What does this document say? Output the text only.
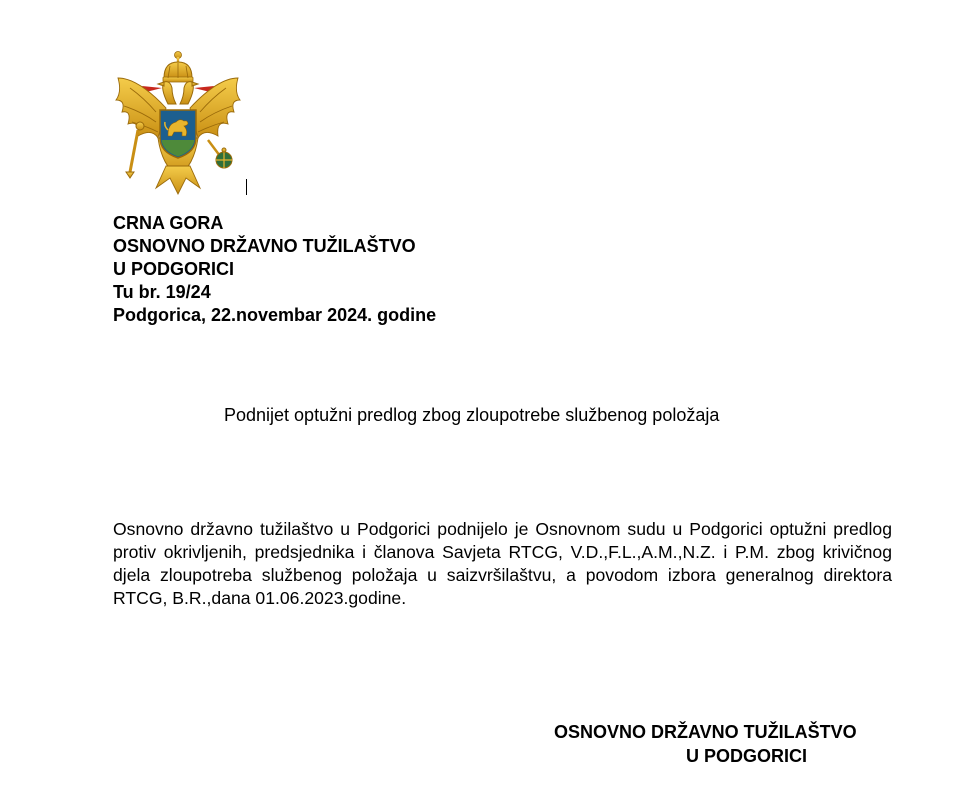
CRNA GORA
OSNOVNO DRŽAVNO TUŽILAŠTVO
U PODGORICI
Tu br. 19/24
Podgorica, 22.novembar 2024. godine
Podnijet optužni predlog zbog zloupotrebe službenog položaja
Osnovno državno tužilaštvo u Podgorici podnijelo je Osnovnom sudu u Podgorici optužni predlog protiv okrivljenih, predsjednika i članova Savjeta RTCG, V.D.,F.L.,A.M.,N.Z. i P.M. zbog krivičnog djela zloupotreba službenog položaja u saizvršilaštvu, a povodom izbora generalnog direktora RTCG, B.R.,dana 01.06.2023.godine.
OSNOVNO DRŽAVNO TUŽILAŠTVO
U PODGORICI
